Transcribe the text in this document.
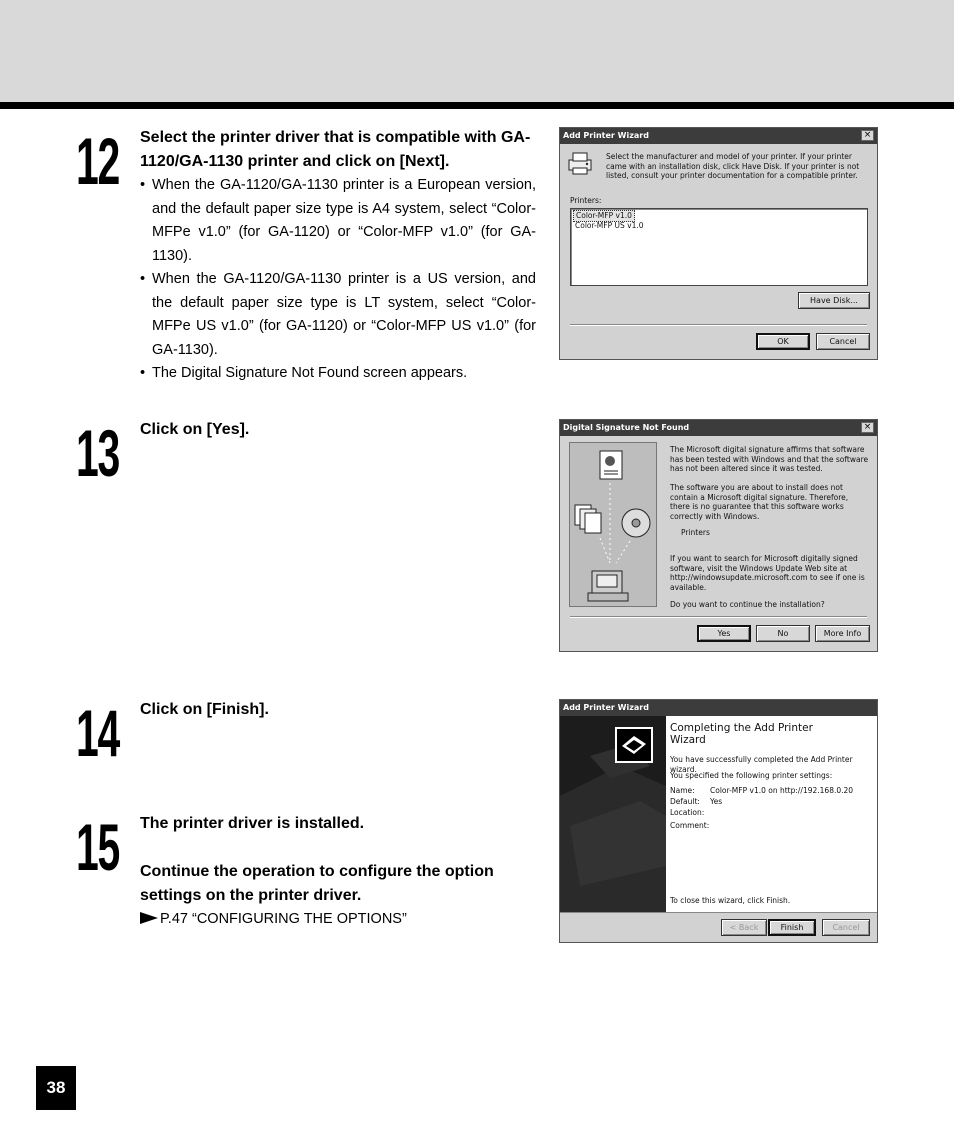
12 Select the printer driver that is compatible with GA-1120/GA-1130 printer and click on [Next].
• When the GA-1120/GA-1130 printer is a European version, and the default paper size type is A4 system, select “Color-MFPe v1.0” (for GA-1120) or “Color-MFP v1.0” (for GA-1130).
• When the GA-1120/GA-1130 printer is a US version, and the default paper size type is LT system, select “Color-MFPe US v1.0” (for GA-1120) or “Color-MFP US v1.0” (for GA-1130).
• The Digital Signature Not Found screen appears.
Add Printer Wizard	×
Select the manufacturer and model of your printer. If your printer came with an installation disk, click Have Disk. If your printer is not listed, consult your printer documentation for a compatible printer.
Printers:
Color-MFP v1.0
Color-MFP US v1.0
Have Disk...
OK	Cancel
13 Click on [Yes].	Digital Signature Not Found	×
The Microsoft digital signature affirms that software has been tested with Windows and that the software has not been altered since it was tested.
The software you are about to install does not contain a Microsoft digital signature. Therefore, there is no guarantee that this software works correctly with Windows.
Printers
If you want to search for Microsoft digitally signed software, visit the Windows Update Web site at http://windowsupdate.microsoft.com to see if one is available.
Do you want to continue the installation?
Yes	No	More Info
14 Click on [Finish].
15 The printer driver is installed.
Continue the operation to configure the option settings on the printer driver.
P.47 “CONFIGURING THE OPTIONS”
Add Printer Wizard
Completing the Add Printer Wizard
You have successfully completed the Add Printer wizard.
You specified the following printer settings:
Name: Color-MFP v1.0 on http://192.168.0.20
Default: Yes
Location:
Comment:
To close this wizard, click Finish.
< Back	Finish	Cancel
38
